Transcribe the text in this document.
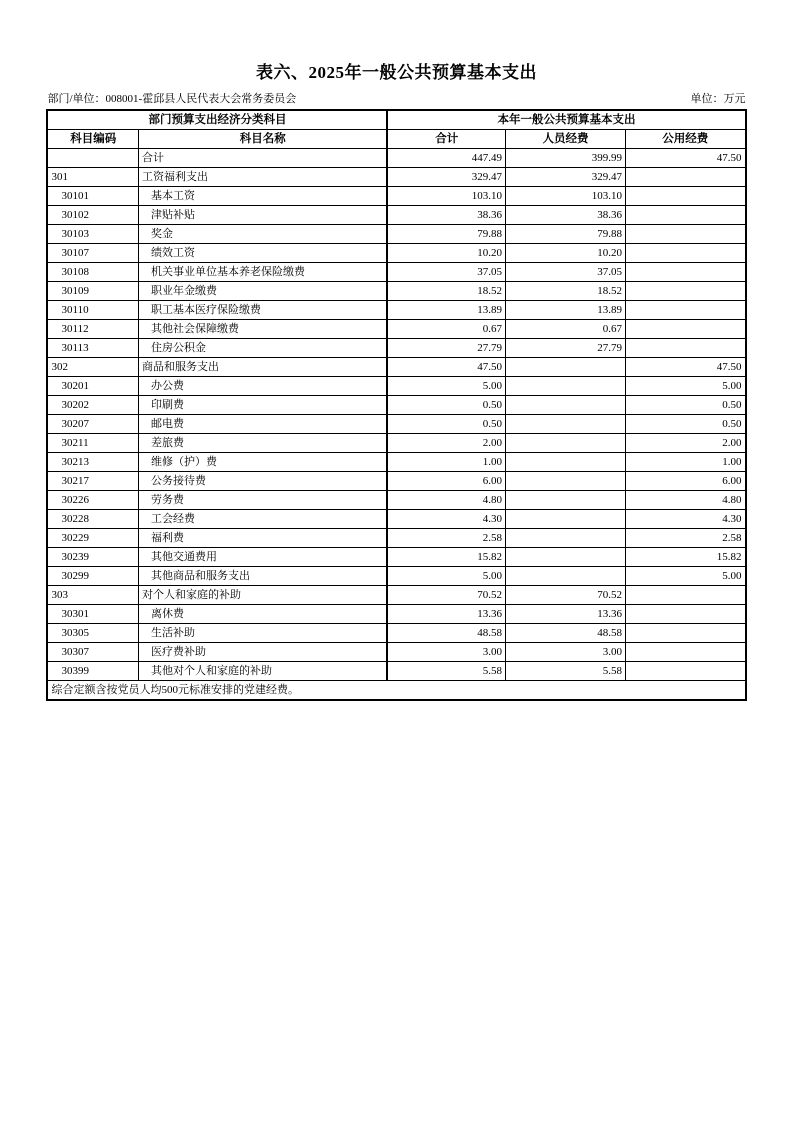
表六、2025年一般公共预算基本支出
部门/单位：008001-霍邱县人民代表大会常务委员会	单位：万元
部门预算支出经济分类科目		本年一般公共预算基本支出		
科目编码	科目名称	合计	人员经费	公用经费
	合计	447.49	399.99	47.50
301	工资福利支出	329.47	329.47	
30101	基本工资	103.10	103.10	
30102	津贴补贴	38.36	38.36	
30103	奖金	79.88	79.88	
30107	绩效工资	10.20	10.20	
30108	机关事业单位基本养老保险缴费	37.05	37.05	
30109	职业年金缴费	18.52	18.52	
30110	职工基本医疗保险缴费	13.89	13.89	
30112	其他社会保障缴费	0.67	0.67	
30113	住房公积金	27.79	27.79	
302	商品和服务支出	47.50		47.50
30201	办公费	5.00		5.00
30202	印刷费	0.50		0.50
30207	邮电费	0.50		0.50
30211	差旅费	2.00		2.00
30213	维修（护）费	1.00		1.00
30217	公务接待费	6.00		6.00
30226	劳务费	4.80		4.80
30228	工会经费	4.30		4.30
30229	福利费	2.58		2.58
30239	其他交通费用	15.82		15.82
30299	其他商品和服务支出	5.00		5.00
303	对个人和家庭的补助	70.52	70.52	
30301	离休费	13.36	13.36	
30305	生活补助	48.58	48.58	
30307	医疗费补助	3.00	3.00	
30399	其他对个人和家庭的补助	5.58	5.58	
综合定额含按党员人均500元标准安排的党建经费。				
